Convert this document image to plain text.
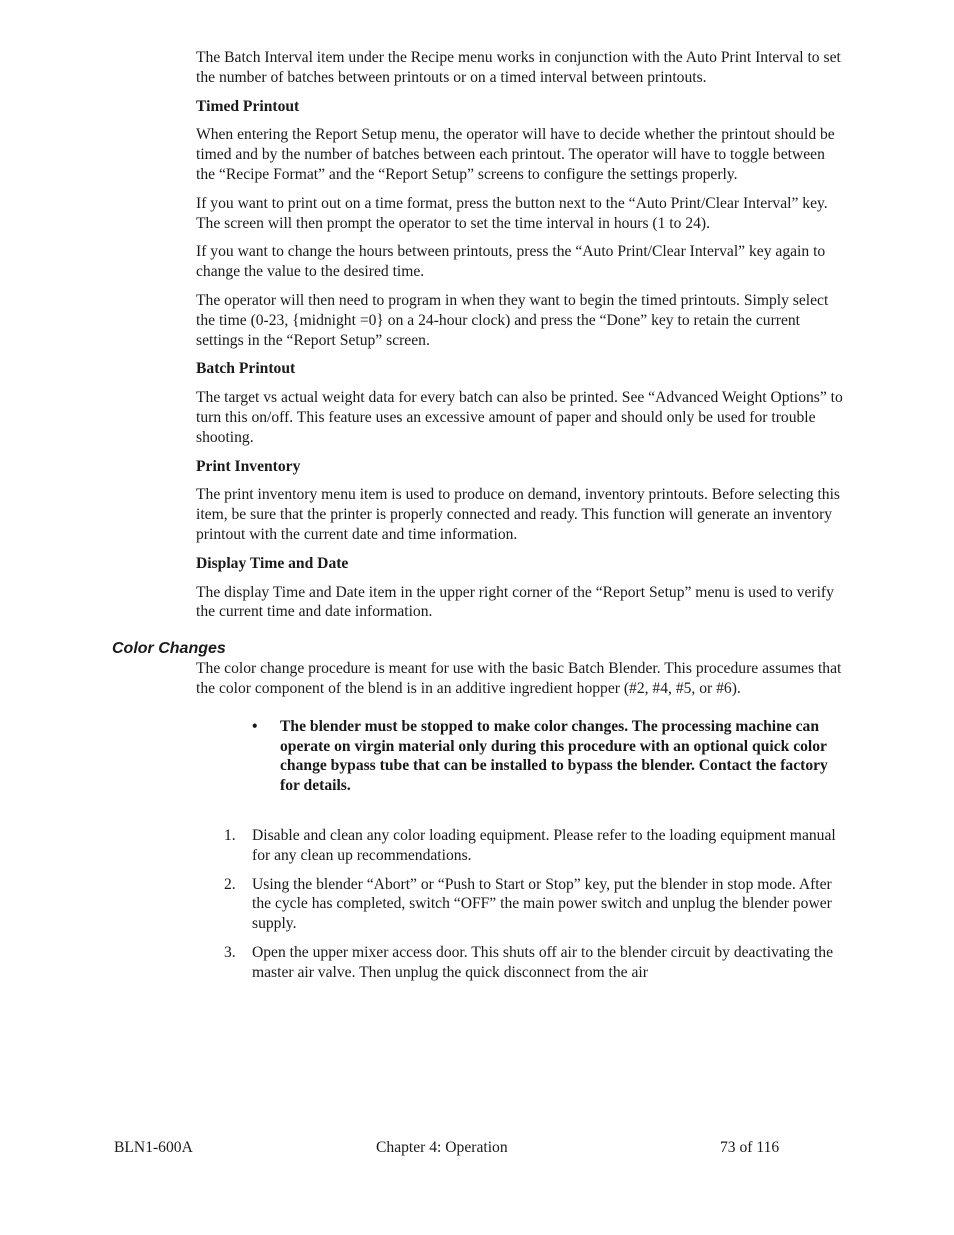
The Batch Interval item under the Recipe menu works in conjunction with the Auto Print Interval to set the number of batches between printouts or on a timed interval between printouts.

Timed Printout

When entering the Report Setup menu, the operator will have to decide whether the printout should be timed and by the number of batches between each printout. The operator will have to toggle between the “Recipe Format” and the “Report Setup” screens to configure the settings properly.

If you want to print out on a time format, press the button next to the “Auto Print/Clear Interval” key. The screen will then prompt the operator to set the time interval in hours (1 to 24).

If you want to change the hours between printouts, press the “Auto Print/Clear Interval” key again to change the value to the desired time.

The operator will then need to program in when they want to begin the timed printouts. Simply select the time (0-23, {midnight =0} on a 24-hour clock) and press the “Done” key to retain the current settings in the “Report Setup” screen.

Batch Printout

The target vs actual weight data for every batch can also be printed. See “Advanced Weight Options” to turn this on/off. This feature uses an excessive amount of paper and should only be used for trouble shooting.

Print Inventory

The print inventory menu item is used to produce on demand, inventory printouts. Before selecting this item, be sure that the printer is properly connected and ready. This function will generate an inventory printout with the current date and time information.

Display Time and Date

The display Time and Date item in the upper right corner of the “Report Setup” menu is used to verify the current time and date information.

Color Changes

The color change procedure is meant for use with the basic Batch Blender. This procedure assumes that the color component of the blend is in an additive ingredient hopper (#2, #4, #5, or #6).

• The blender must be stopped to make color changes. The processing machine can operate on virgin material only during this procedure with an optional quick color change bypass tube that can be installed to bypass the blender. Contact the factory for details.
1. Disable and clean any color loading equipment. Please refer to the loading equipment manual for any clean up recommendations.
2. Using the blender “Abort” or “Push to Start or Stop” key, put the blender in stop mode. After the cycle has completed, switch “OFF” the main power switch and unplug the blender power supply.
3. Open the upper mixer access door. This shuts off air to the blender circuit by deactivating the master air valve. Then unplug the quick disconnect from the air
BLN1-600A	Chapter 4: Operation	73 of 116
